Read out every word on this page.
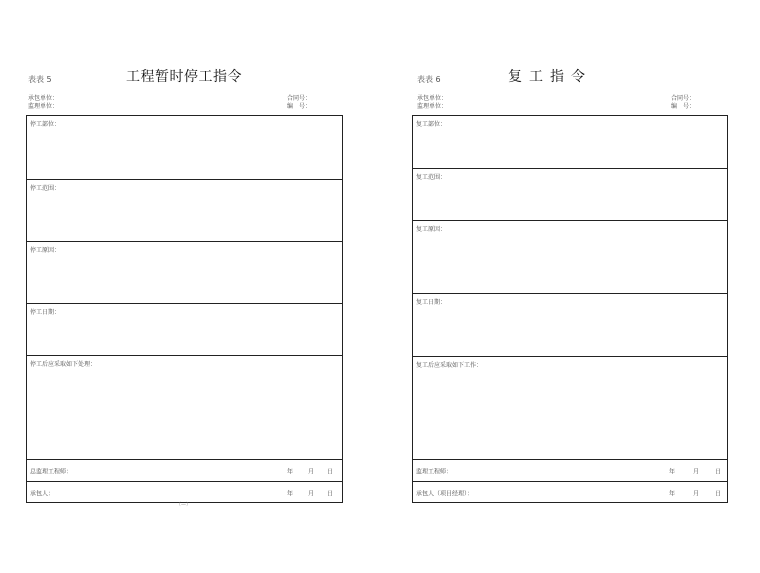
表表 5	工程暂时停工指令
承包单位：
监理单位：
合同号：
编　号：
停工部位：
停工范围：
停工原因：
停工日期：
停工后应采取如下处理：
总监理工程师：	年 月 日
承包人：	年 月 日
（—）
表表 6	复工指令
承包单位：
监理单位：
合同号：
编　号：
复工部位：
复工范围：
复工原因：
复工日期：
复工后应采取如下工作：
监理工程师：	年	月	日
承包人（项目经理）：	年	月	日
